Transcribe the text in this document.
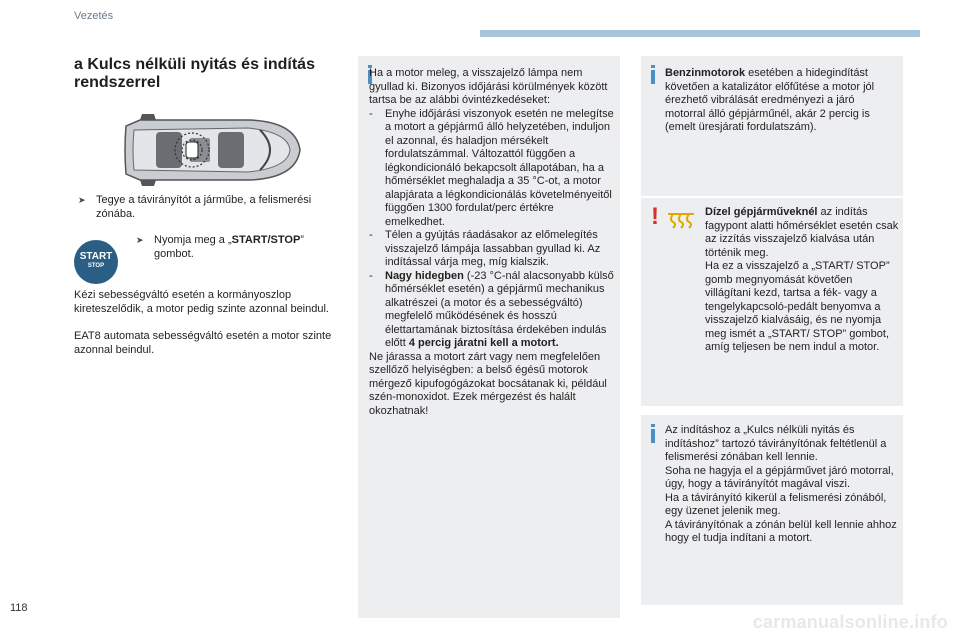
Vezetés
a Kulcs nélküli nyitás és indítás rendszerrel
➤ Tegye a távirányítót a járműbe, a felismerési zónába.
START
STOP
➤ Nyomja meg a „START/STOP” gombot.
Kézi sebességváltó esetén a kormányoszlop kireteszelődik, a motor pedig szinte azonnal beindul.
EAT8 automata sebességváltó esetén a motor szinte azonnal beindul.
Ha a motor meleg, a visszajelző lámpa nem gyullad ki. Bizonyos időjárási körülmények között tartsa be az alábbi óvintézkedéseket:
- Enyhe időjárási viszonyok esetén ne melegítse a motort a gépjármű álló helyzetében, induljon el azonnal, és haladjon mérsékelt fordulatszámmal. Változattól függően a légkondicionáló bekapcsolt állapotában, ha a hőmérséklet meghaladja a 35 °C-ot, a motor alapjárata a légkondicionálás követelményeitől függően 1300 fordulat/perc értékre emelkedhet.
- Télen a gyújtás ráadásakor az előmelegítés visszajelző lámpája lassabban gyullad ki. Az indítással várja meg, míg kialszik.
- Nagy hidegben (-23 °C-nál alacsonyabb külső hőmérséklet esetén) a gépjármű mechanikus alkatrészei (a motor és a sebességváltó) megfelelő működésének és hosszú élettartamának biztosítása érdekében indulás előtt 4 percig járatni kell a motort.
Ne járassa a motort zárt vagy nem megfelelően szellőző helyiségben: a belső égésű motorok mérgező kipufogógázokat bocsátanak ki, például szén-monoxidot. Ezek mérgezést és halált okozhatnak!
Benzinmotorok esetében a hidegindítást követően a katalizátor előfűtése a motor jól érezhető vibrálását eredményezi a járó motorral álló gépjárműnél, akár 2 percig is (emelt üresjárati fordulatszám).
Dízel gépjárműveknél az indítás fagypont alatti hőmérséklet esetén csak az izzítás visszajelző kialvása után történik meg.
Ha ez a visszajelző a „START/ STOP” gomb megnyomását követően villágítani kezd, tartsa a fék- vagy a tengelykapcsoló-pedált benyomva a visszajelző kialvásáig, és ne nyomja meg ismét a „START/ STOP” gombot, amíg teljesen be nem indul a motor.
!
Az indításhoz a „Kulcs nélküli nyitás és indításhoz” tartozó távirányítónak feltétlenül a felismerési zónában kell lennie.
Soha ne hagyja el a gépjárművet járó motorral, úgy, hogy a távirányítót magával viszi.
Ha a távirányító kikerül a felismerési zónából, egy üzenet jelenik meg.
A távirányítónak a zónán belül kell lennie ahhoz hogy el tudja indítani a motort.
118
carmanualsonline.info
